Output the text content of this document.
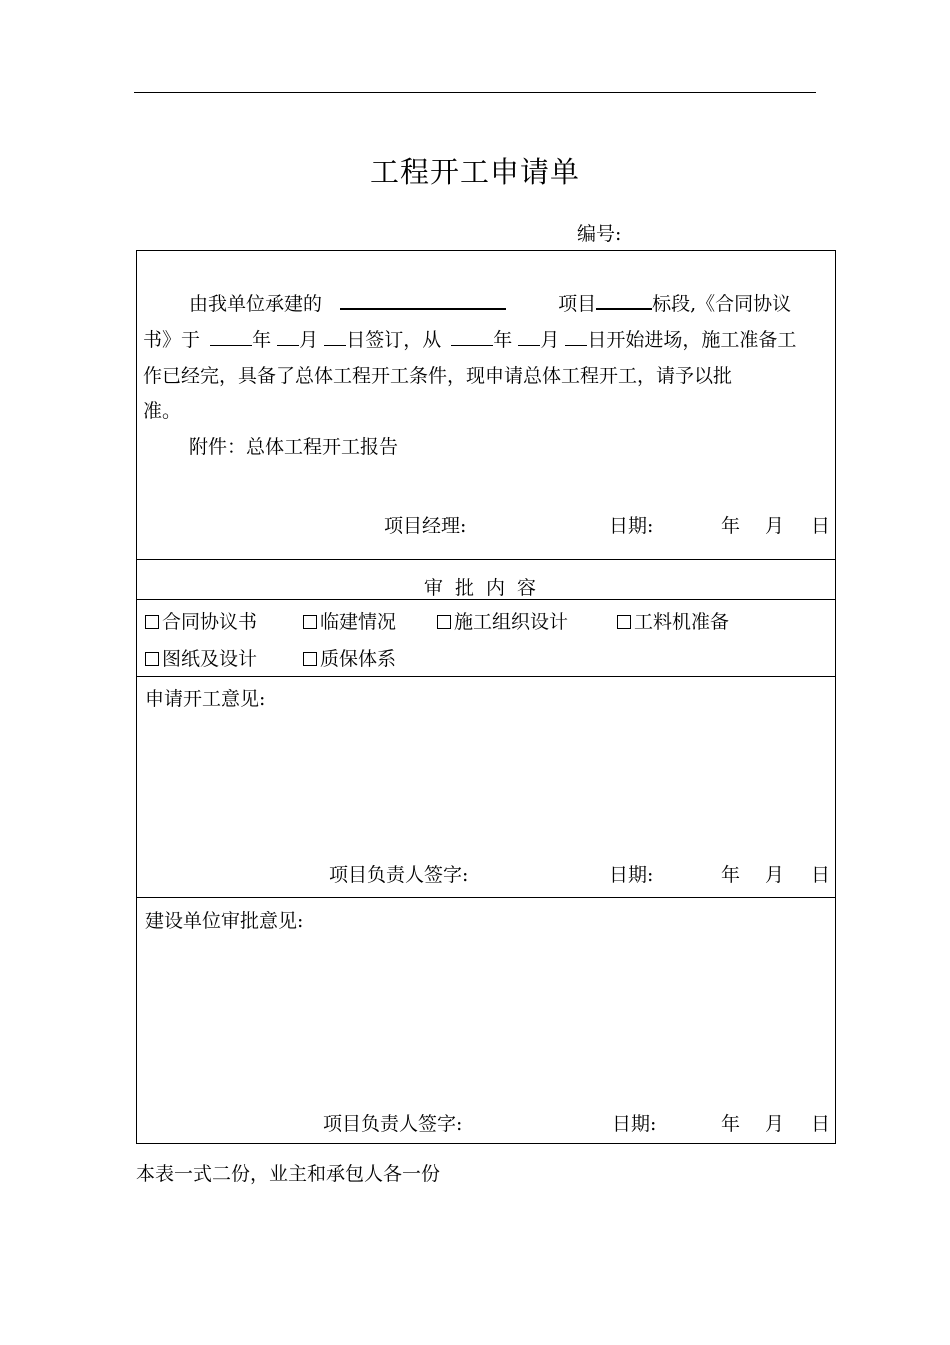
工程开工申请单
编号:
由我单位承建的	项目	标段,《合同协议
书》于	年 月 日签订，从	年 月 日开始进场，施工准备工
作已经完，具备了总体工程开工条件，现申请总体工程开工，请予以批
准。
附件：总体工程开工报告
项目经理:	日期:	年 月 日
审批内容
合同协议书	临建情况	施工组织设计	工料机准备
图纸及设计	质保体系
申请开工意见:
项目负责人签字:	日期:	年 月 日
建设单位审批意见:
项目负责人签字:	日期:	年 月 日
本表一式二份，业主和承包人各一份
